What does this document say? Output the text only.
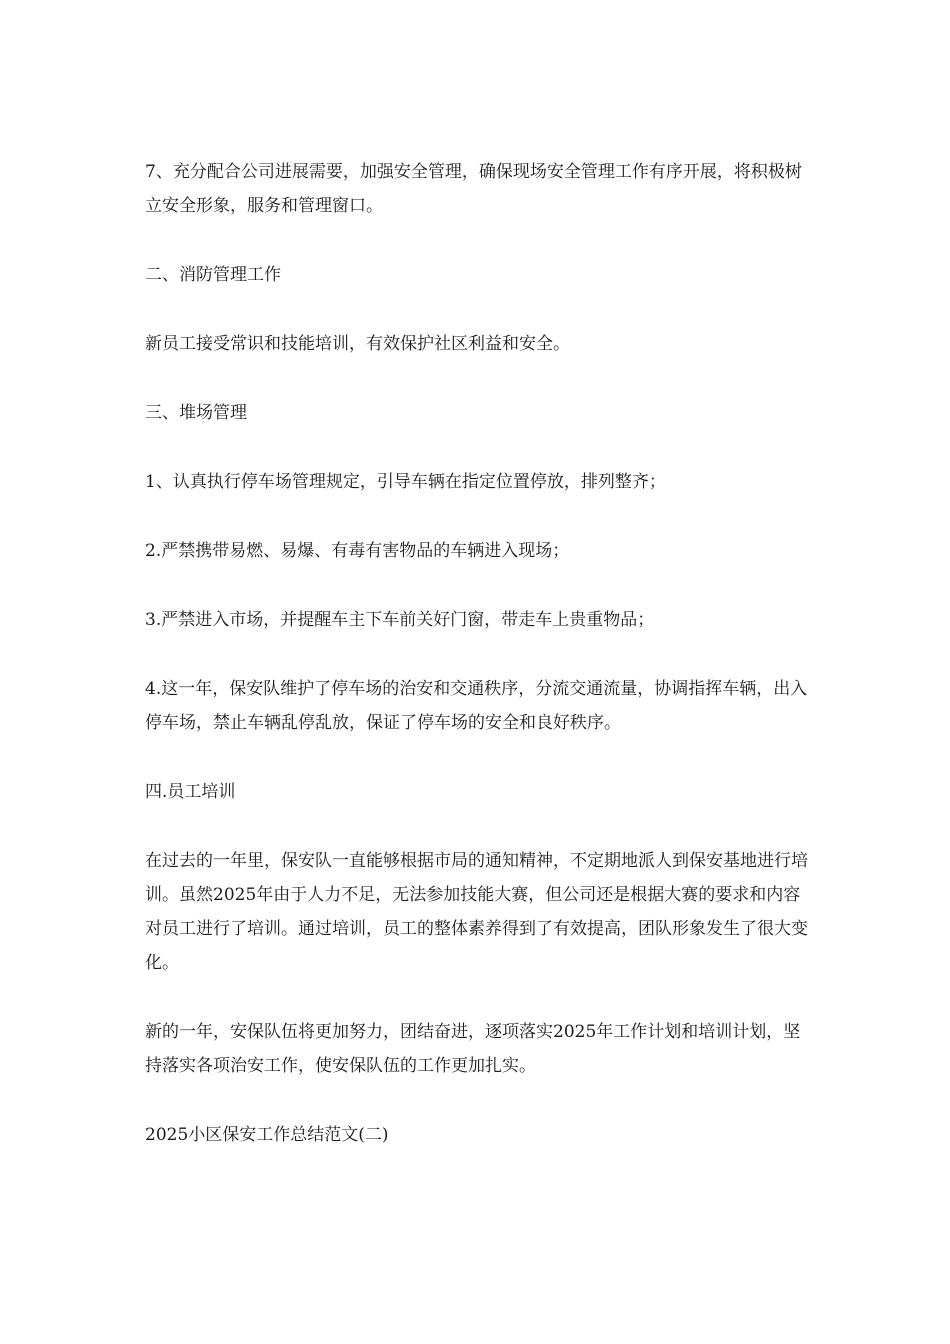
7、充分配合公司进展需要，加强安全管理，确保现场安全管理工作有序开展，将积极树立安全形象，服务和管理窗口。

二、消防管理工作

新员工接受常识和技能培训，有效保护社区利益和安全。

三、堆场管理

1、认真执行停车场管理规定，引导车辆在指定位置停放，排列整齐；

2.严禁携带易燃、易爆、有毒有害物品的车辆进入现场；

3.严禁进入市场，并提醒车主下车前关好门窗，带走车上贵重物品；

4.这一年，保安队维护了停车场的治安和交通秩序，分流交通流量，协调指挥车辆，出入停车场，禁止车辆乱停乱放，保证了停车场的安全和良好秩序。

四.员工培训

在过去的一年里，保安队一直能够根据市局的通知精神，不定期地派人到保安基地进行培训。虽然2025年由于人力不足，无法参加技能大赛，但公司还是根据大赛的要求和内容对员工进行了培训。通过培训，员工的整体素养得到了有效提高，团队形象发生了很大变化。

新的一年，安保队伍将更加努力，团结奋进，逐项落实2025年工作计划和培训计划，坚持落实各项治安工作，使安保队伍的工作更加扎实。

2025小区保安工作总结范文(二)
